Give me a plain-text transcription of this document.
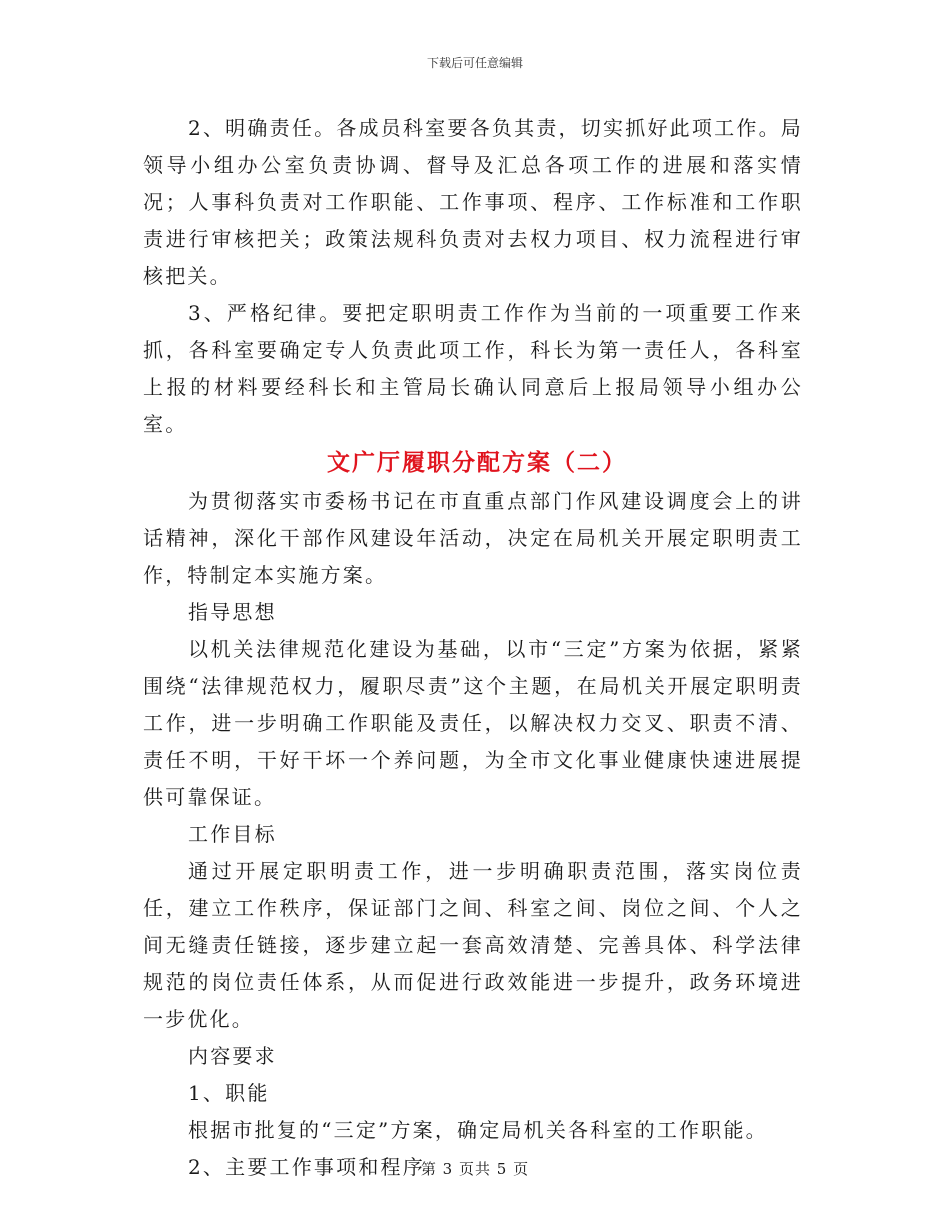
下载后可任意编辑

2、明确责任。各成员科室要各负其责，切实抓好此项工作。局领导小组办公室负责协调、督导及汇总各项工作的进展和落实情况；人事科负责对工作职能、工作事项、程序、工作标准和工作职责进行审核把关；政策法规科负责对去权力项目、权力流程进行审核把关。

3、严格纪律。要把定职明责工作作为当前的一项重要工作来抓，各科室要确定专人负责此项工作，科长为第一责任人，各科室上报的材料要经科长和主管局长确认同意后上报局领导小组办公室。

文广厅履职分配方案（二）

为贯彻落实市委杨书记在市直重点部门作风建设调度会上的讲话精神，深化干部作风建设年活动，决定在局机关开展定职明责工作，特制定本实施方案。

指导思想

以机关法律规范化建设为基础，以市“三定”方案为依据，紧紧围绕“法律规范权力，履职尽责”这个主题，在局机关开展定职明责工作，进一步明确工作职能及责任，以解决权力交叉、职责不清、责任不明，干好干坏一个养问题，为全市文化事业健康快速进展提供可靠保证。

工作目标

通过开展定职明责工作，进一步明确职责范围，落实岗位责任，建立工作秩序，保证部门之间、科室之间、岗位之间、个人之间无缝责任链接，逐步建立起一套高效清楚、完善具体、科学法律规范的岗位责任体系，从而促进行政效能进一步提升，政务环境进一步优化。

内容要求

1、职能

根据市批复的“三定”方案，确定局机关各科室的工作职能。

2、主要工作事项和程序

第 3 页共 5 页
